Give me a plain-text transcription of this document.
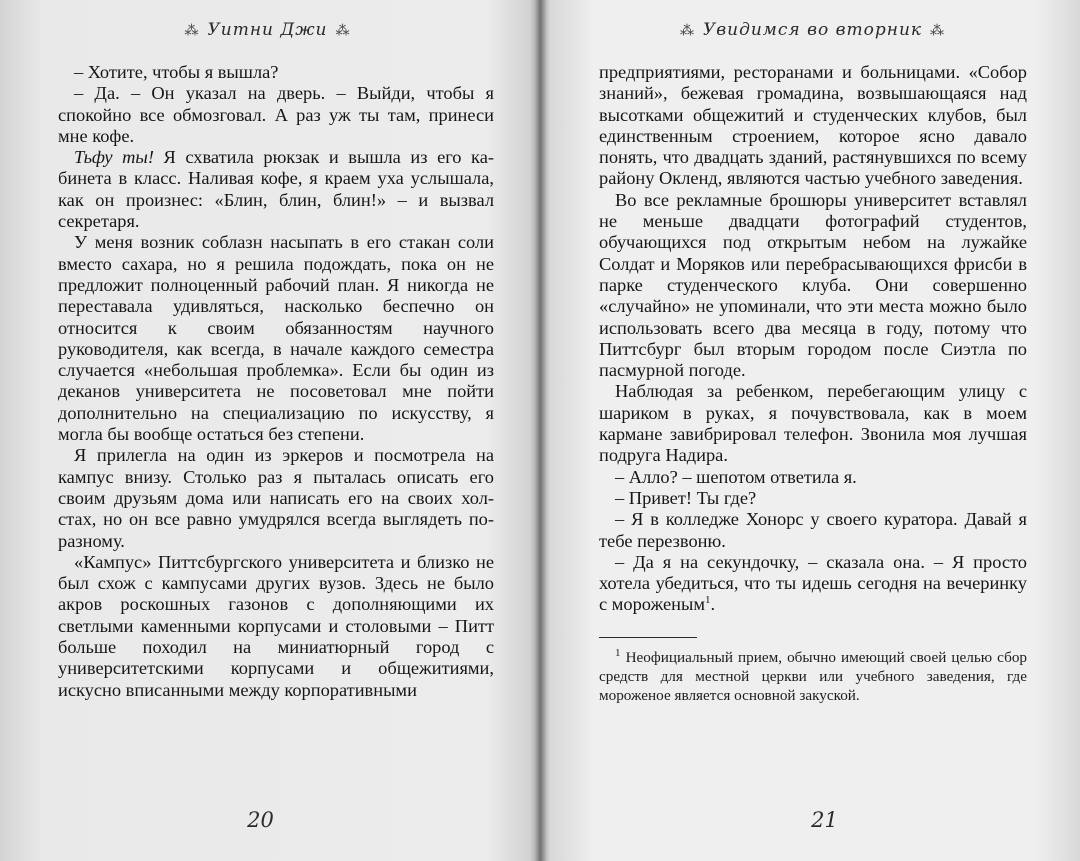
⁂ Уитни Джи ⁂

– Хотите, чтобы я вышла?

– Да. – Он указал на дверь. – Выйди, чтобы я спокойно все обмозговал. А раз уж ты там, принеси мне кофе.

Тьфу ты! Я схватила рюкзак и вышла из его кабинета в класс. Наливая кофе, я краем уха услышала, как он произнес: «Блин, блин, блин!» – и вызвал секретаря.

У меня возник соблазн насыпать в его стакан соли вместо сахара, но я решила подождать, пока он не предложит полноценный рабочий план. Я никогда не переставала удивляться, насколько беспечно он относится к своим обязанностям научного руководителя, как всегда, в начале каждого семестра случается «небольшая проблемка». Если бы один из деканов университета не посоветовал мне пойти дополнительно на специализацию по искусству, я могла бы вообще остаться без степени.

Я прилегла на один из эркеров и посмотрела на кампус внизу. Столько раз я пыталась описать его своим друзьям дома или написать его на своих холстах, но он все равно умудрялся всегда выглядеть по-разному.

«Кампус» Питтсбургского университета и близко не был схож с кампусами других вузов. Здесь не было акров роскошных газонов с дополняющими их светлыми каменными корпусами и столовыми – Питт больше походил на миниатюрный город с университетскими корпусами и общежитиями, искусно вписанными между корпоративными

20
⁂ Увидимся во вторник ⁂

предприятиями, ресторанами и больницами. «Собор знаний», бежевая громадина, возвышающаяся над высотками общежитий и студенческих клубов, был единственным строением, которое ясно давало понять, что двадцать зданий, растянувшихся по всему району Окленд, являются частью учебного заведения.

Во все рекламные брошюры университет вставлял не меньше двадцати фотографий студентов, обучающихся под открытым небом на лужайке Солдат и Моряков или перебрасывающихся фрисби в парке студенческого клуба. Они совершенно «случайно» не упоминали, что эти места можно было использовать всего два месяца в году, потому что Питтсбург был вторым городом после Сиэтла по пасмурной погоде.

Наблюдая за ребенком, перебегающим улицу с шариком в руках, я почувствовала, как в моем кармане завибрировал телефон. Звонила моя лучшая подруга Надира.

– Алло? – шепотом ответила я.

– Привет! Ты где?

– Я в колледже Хонорс у своего куратора. Давай я тебе перезвоню.

– Да я на секундочку, – сказала она. – Я просто хотела убедиться, что ты идешь сегодня на вечеринку с мороженым$^1$.

$^1$ Неофициальный прием, обычно имеющий своей целью сбор средств для местной церкви или учебного заведения, где мороженое является основной закуской.
21
